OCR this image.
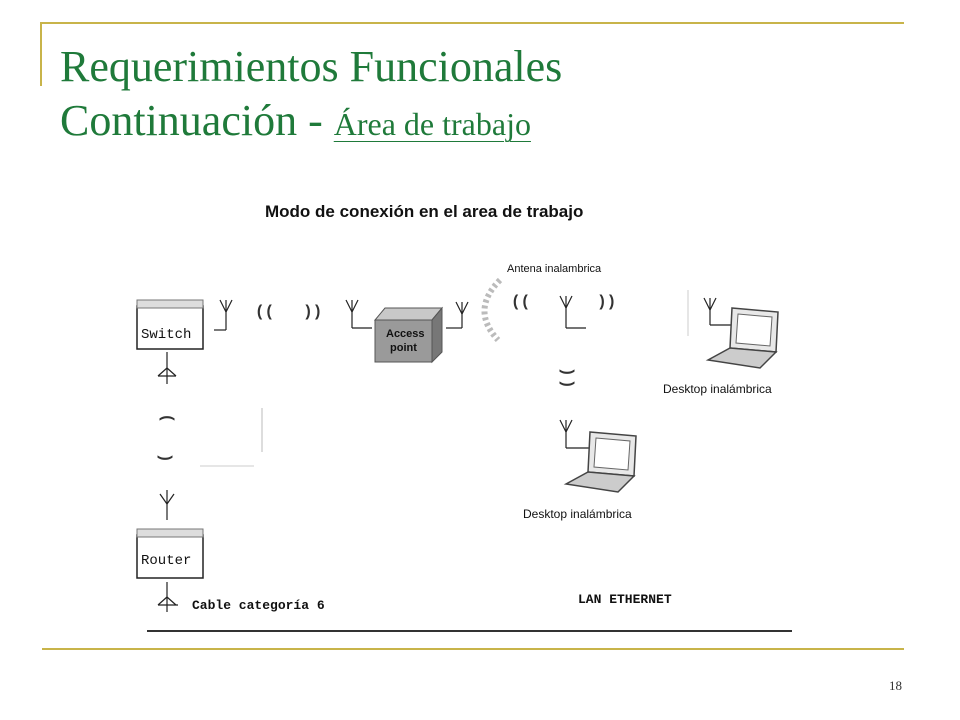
Requerimientos Funcionales
Continuación - Área de trabajo
18
Modo de conexión en el area de trabajo
Switch
(( ))
Access
point
Antena inalambrica
((	))
)
)	Desktop inalámbrica
Desktop inalámbrica
)
)
Router
Cable categoría 6	LAN ETHERNET
